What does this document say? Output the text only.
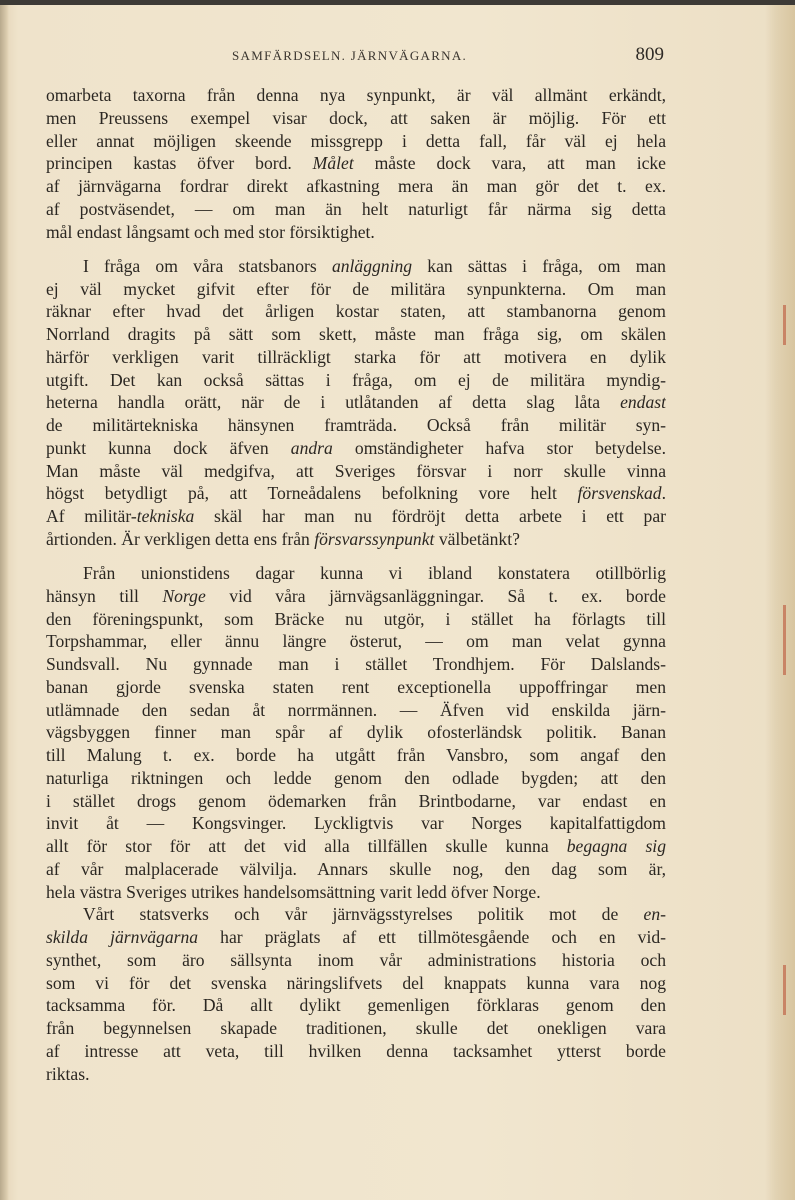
SAMFÄRDSELN. JÄRNVÄGARNA.	809
omarbeta taxorna från denna nya synpunkt, är väl allmänt erkändt,
men Preussens exempel visar dock, att saken är möjlig. För ett
eller annat möjligen skeende missgrepp i detta fall, får väl ej hela
principen kastas öfver bord. Målet måste dock vara, att man icke
af järnvägarna fordrar direkt afkastning mera än man gör det t. ex.
af postväsendet, — om man än helt naturligt får närma sig detta
mål endast långsamt och med stor försiktighet.
I fråga om våra statsbanors anläggning kan sättas i fråga, om man
ej väl mycket gifvit efter för de militära synpunkterna. Om man
räknar efter hvad det årligen kostar staten, att stambanorna genom
Norrland dragits på sätt som skett, måste man fråga sig, om skälen
härför verkligen varit tillräckligt starka för att motivera en dylik
utgift. Det kan också sättas i fråga, om ej de militära myndig-
heterna handla orätt, när de i utlåtanden af detta slag låta endast
de militärtekniska hänsynen framträda. Också från militär syn-
punkt kunna dock äfven andra omständigheter hafva stor betydelse.
Man måste väl medgifva, att Sveriges försvar i norr skulle vinna
högst betydligt på, att Torneådalens befolkning vore helt försvenskad.
Af militär-tekniska skäl har man nu fördröjt detta arbete i ett par
årtionden. Är verkligen detta ens från försvarssynpunkt välbetänkt?
Från unionstidens dagar kunna vi ibland konstatera otillbörlig
hänsyn till Norge vid våra järnvägsanläggningar. Så t. ex. borde
den föreningspunkt, som Bräcke nu utgör, i stället ha förlagts till
Torpshammar, eller ännu längre österut, — om man velat gynna
Sundsvall. Nu gynnade man i stället Trondhjem. För Dalslands-
banan gjorde svenska staten rent exceptionella uppoffringar men
utlämnade den sedan åt norrmännen. — Äfven vid enskilda järn-
vägsbyggen finner man spår af dylik ofosterländsk politik. Banan
till Malung t. ex. borde ha utgått från Vansbro, som angaf den
naturliga riktningen och ledde genom den odlade bygden; att den
i stället drogs genom ödemarken från Brintbodarne, var endast en
invit åt — Kongsvinger. Lyckligtvis var Norges kapitalfattigdom
allt för stor för att det vid alla tillfällen skulle kunna begagna sig
af vår malplacerade välvilja. Annars skulle nog, den dag som är,
hela västra Sveriges utrikes handelsomsättning varit ledd öfver Norge.
Vårt statsverks och vår järnvägsstyrelses politik mot de en-
skilda järnvägarna har präglats af ett tillmötesgående och en vid-
synthet, som äro sällsynta inom vår administrations historia och
som vi för det svenska näringslifvets del knappats kunna vara nog
tacksamma för. Då allt dylikt gemenligen förklaras genom den
från begynnelsen skapade traditionen, skulle det onekligen vara
af intresse att veta, till hvilken denna tacksamhet ytterst borde
riktas.
